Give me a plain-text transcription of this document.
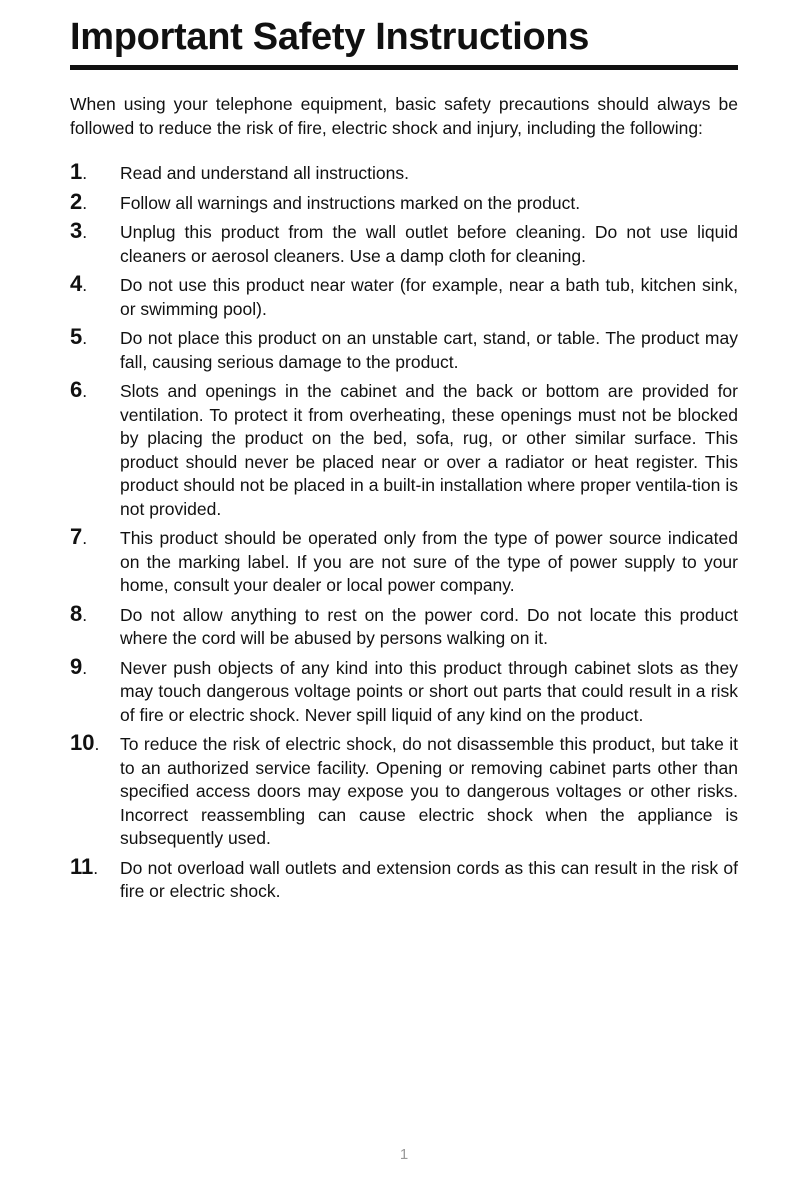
Important Safety Instructions

When using your telephone equipment, basic safety precautions should always be followed to reduce the risk of fire, electric shock and injury, including the following:

1.	Read and understand all instructions.
2.	Follow all warnings and instructions marked on the product.
3.	Unplug this product from the wall outlet before cleaning. Do not use liquid cleaners or aerosol cleaners. Use a damp cloth for cleaning.
4.	Do not use this product near water (for example, near a bath tub, kitchen sink, or swimming pool).
5.	Do not place this product on an unstable cart, stand, or table. The product may fall, causing serious damage to the product.
6.	Slots and openings in the cabinet and the back or bottom are provided for ventilation. To protect it from overheating, these openings must not be blocked by placing the product on the bed, sofa, rug, or other similar surface. This product should never be placed near or over a radiator or heat register. This product should not be placed in a built-in installation where proper ventila-tion is not provided.
7.	This product should be operated only from the type of power source indicated on the marking label. If you are not sure of the type of power supply to your home, consult your dealer or local power company.
8.	Do not allow anything to rest on the power cord. Do not locate this product where the cord will be abused by persons walking on it.
9.	Never push objects of any kind into this product through cabinet slots as they may touch dangerous voltage points or short out parts that could result in a risk of fire or electric shock. Never spill liquid of any kind on the product.
10.	To reduce the risk of electric shock, do not disassemble this product, but take it to an authorized service facility. Opening or removing cabinet parts other than specified access doors may expose you to dangerous voltages or other risks. Incorrect reassembling can cause electric shock when the appliance is subsequently used.
11.	Do not overload wall outlets and extension cords as this can result in the risk of fire or electric shock.
1
